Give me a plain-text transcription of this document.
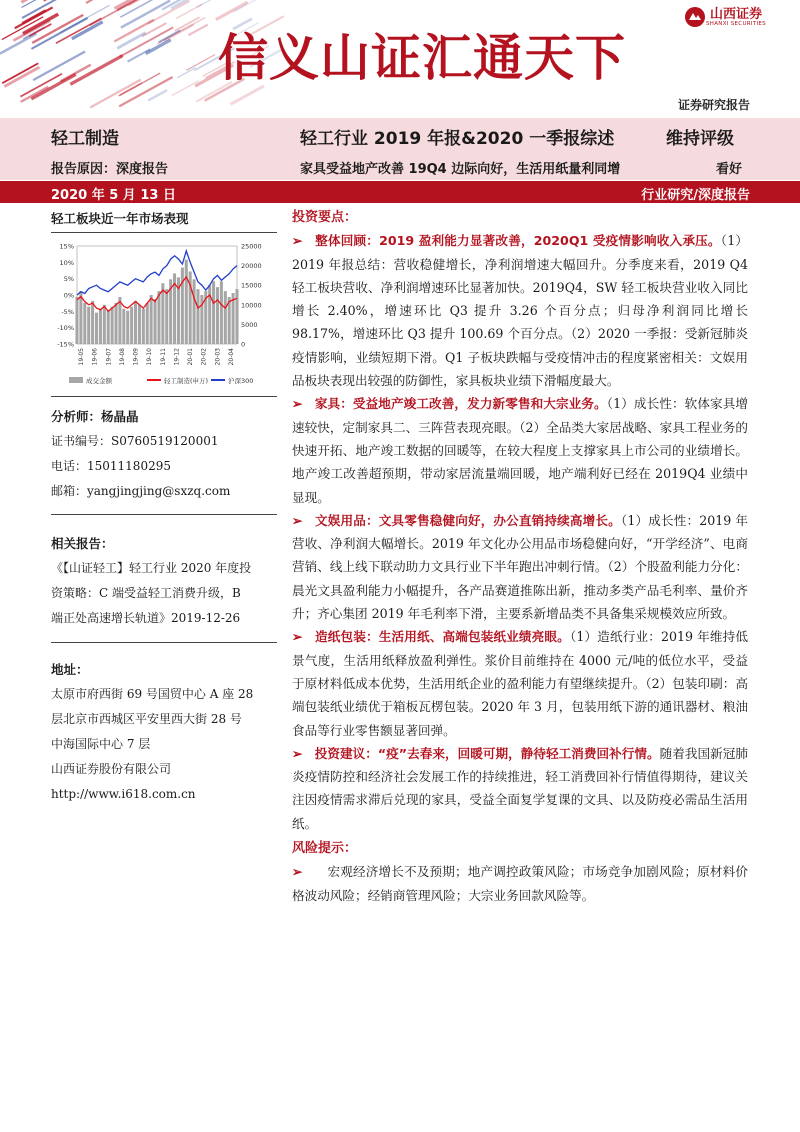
信义山证汇通天下
山西证券
SHANXI SECURITIES
证券研究报告
轻工制造	轻工行业 2019 年报&2020 一季报综述	维持评级
报告原因：深度报告	家具受益地产改善 19Q4 边际向好，生活用纸量利同增	看好
2020 年 5 月 13 日	行业研究/深度报告
轻工板块近一年市场表现
15%
10%
5%
0%
-5%
-10%
-15%
25000
20000
15000
10000
5000
0
19-05 19-06 19-07 19-08 19-09 19-10 19-11 19-12 20-01 20-02 20-03 20-04
成交金额	轻工制造(申万)	沪深300
分析师：杨晶晶
证书编号：S0760519120001
电话：15011180295
邮箱：yangjingjing@sxzq.com
相关报告：
《【山证轻工】轻工行业 2020 年度投
资策略：C 端受益轻工消费升级，B
端正处高速增长轨道》2019-12-26
地址：
太原市府西街 69 号国贸中心 A 座 28
层北京市西城区平安里西大街 28 号
中海国际中心 7 层
山西证券股份有限公司
http://www.i618.com.cn
投资要点：

➢ 整体回顾：2019 盈利能力显著改善，2020Q1 受疫情影响收入承压。（1）2019 年报总结：营收稳健增长，净利润增速大幅回升。分季度来看，2019 Q4 轻工板块营收、净利润增速环比显著加快。2019Q4，SW 轻工板块营业收入同比增长 2.40%，增速环比 Q3 提升 3.26 个百分点；归母净利润同比增长 98.17%，增速环比 Q3 提升 100.69 个百分点。（2）2020 一季报：受新冠肺炎疫情影响，业绩短期下滑。Q1 子板块跌幅与受疫情冲击的程度紧密相关：文娱用品板块表现出较强的防御性，家具板块业绩下滑幅度最大。

➢ 家具：受益地产竣工改善，发力新零售和大宗业务。（1）成长性：软体家具增速较快，定制家具二、三阵营表现亮眼。（2）全品类大家居战略、家具工程业务的快速开拓、地产竣工数据的回暖等，在较大程度上支撑家具上市公司的业绩增长。地产竣工改善超预期，带动家居流量端回暖，地产端利好已经在 2019Q4 业绩中显现。

➢ 文娱用品：文具零售稳健向好，办公直销持续高增长。（1）成长性：2019 年营收、净利润大幅增长。2019 年文化办公用品市场稳健向好，“开学经济”、电商营销、线上线下联动助力文具行业下半年跑出冲刺行情。（2）个股盈利能力分化：晨光文具盈利能力小幅提升，各产品赛道推陈出新，推动多类产品毛利率、量价齐升；齐心集团 2019 年毛利率下滑，主要系新增品类不具备集采规模效应所致。

➢ 造纸包装：生活用纸、高端包装纸业绩亮眼。（1）造纸行业：2019 年维持低景气度，生活用纸释放盈利弹性。浆价目前维持在 4000 元/吨的低位水平，受益于原材料低成本优势，生活用纸企业的盈利能力有望继续提升。（2）包装印刷：高端包装纸业绩优于箱板瓦楞包装。2020 年 3 月，包装用纸下游的通讯器材、粮油食品等行业零售额显著回弹。

➢ 投资建议：“疫”去春来，回暖可期，静待轻工消费回补行情。随着我国新冠肺炎疫情防控和经济社会发展工作的持续推进，轻工消费回补行情值得期待，建议关注因疫情需求滞后兑现的家具，受益全面复学复课的文具、以及防疫必需品生活用纸。

风险提示：

➢ 宏观经济增长不及预期；地产调控政策风险；市场竞争加剧风险；原材料价格波动风险；经销商管理风险；大宗业务回款风险等。
